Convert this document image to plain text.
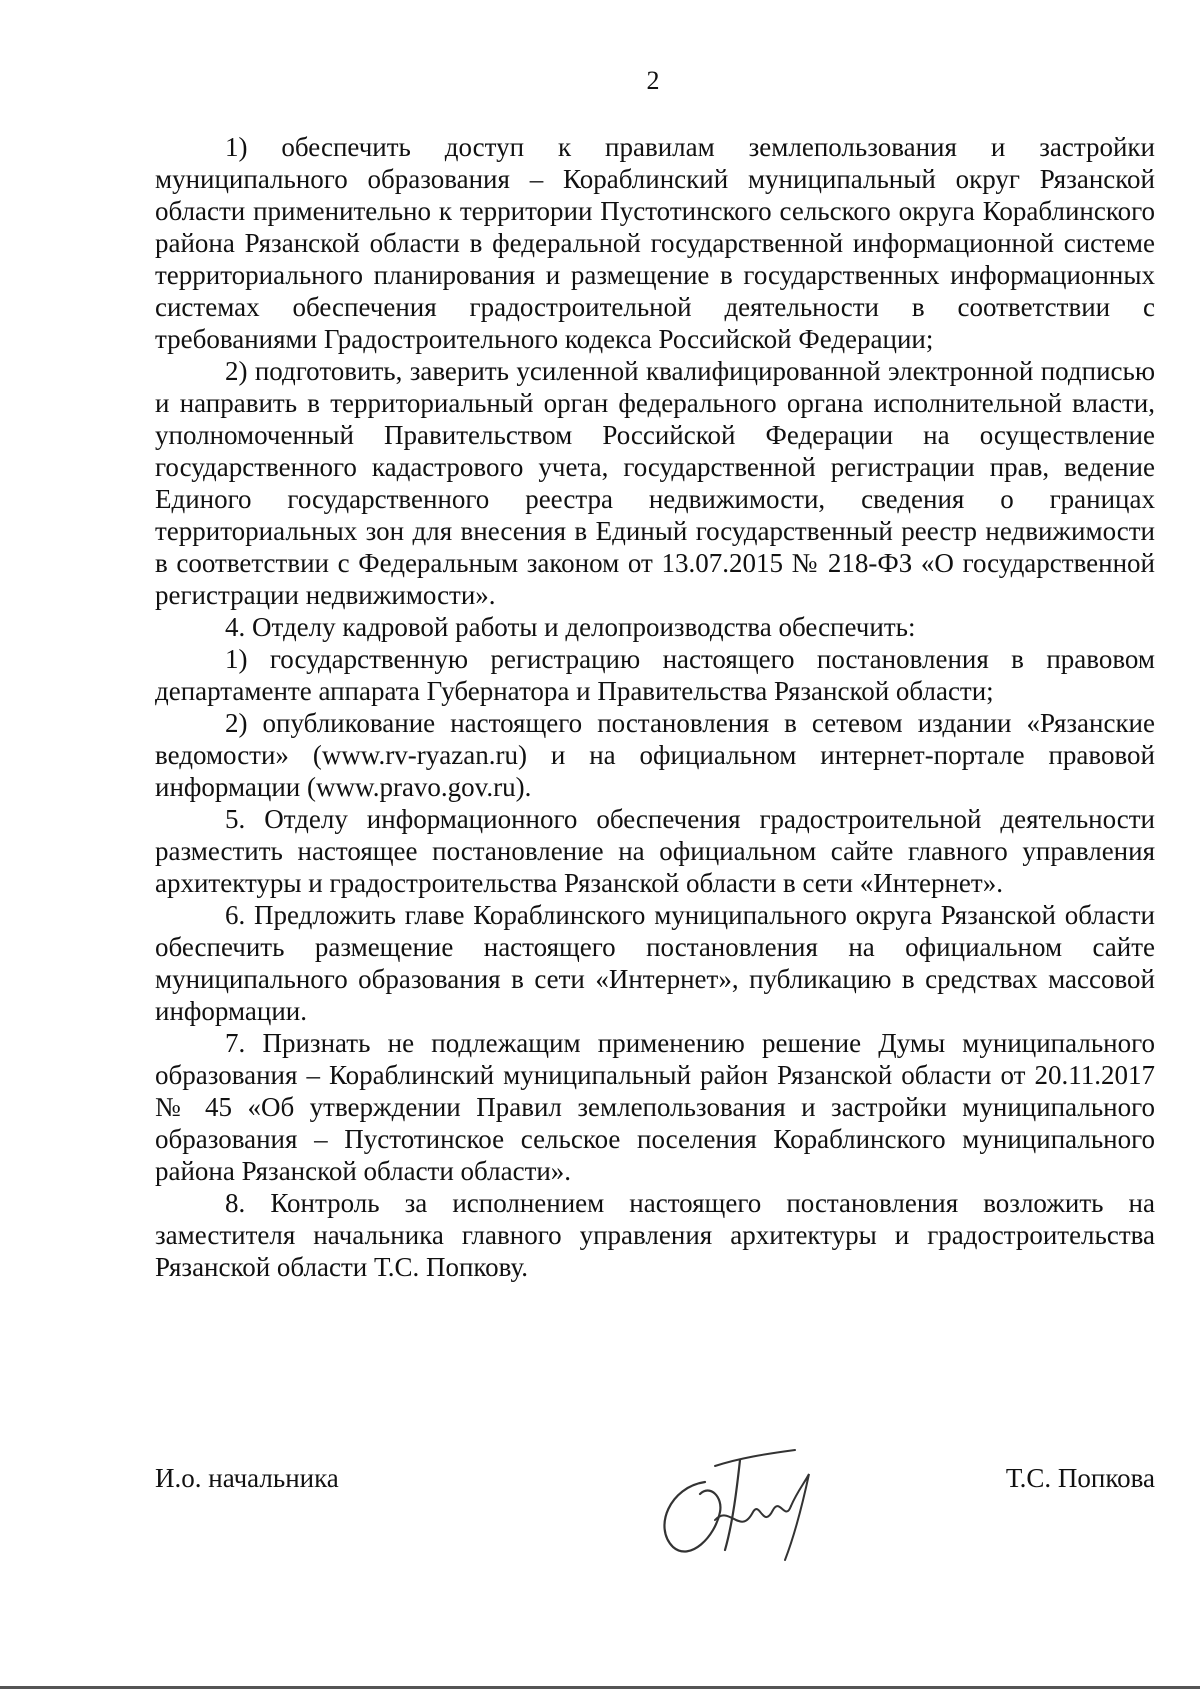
2

1) обеспечить доступ к правилам землепользования и застройки муниципального образования – Кораблинский муниципальный округ Рязанской области применительно к территории Пустотинского сельского округа Кораблинского района Рязанской области в федеральной государственной информационной системе территориального планирования и размещение в государственных информационных системах обеспечения градостроительной деятельности в соответствии с требованиями Градостроительного кодекса Российской Федерации;

2) подготовить, заверить усиленной квалифицированной электронной подписью и направить в территориальный орган федерального органа исполнительной власти, уполномоченный Правительством Российской Федерации на осуществление государственного кадастрового учета, государственной регистрации прав, ведение Единого государственного реестра недвижимости, сведения о границах территориальных зон для внесения в Единый государственный реестр недвижимости в соответствии с Федеральным законом от 13.07.2015 № 218-ФЗ «О государственной регистрации недвижимости».

4. Отделу кадровой работы и делопроизводства обеспечить:

1) государственную регистрацию настоящего постановления в правовом департаменте аппарата Губернатора и Правительства Рязанской области;

2) опубликование настоящего постановления в сетевом издании «Рязанские ведомости» (www.rv-ryazan.ru) и на официальном интернет-портале правовой информации (www.pravo.gov.ru).

5. Отделу информационного обеспечения градостроительной деятельности разместить настоящее постановление на официальном сайте главного управления архитектуры и градостроительства Рязанской области в сети «Интернет».

6. Предложить главе Кораблинского муниципального округа Рязанской области обеспечить размещение настоящего постановления на официальном сайте муниципального образования в сети «Интернет», публикацию в средствах массовой информации.

7. Признать не подлежащим применению решение Думы муниципального образования – Кораблинский муниципальный район Рязанской области от 20.11.2017 № 45 «Об утверждении Правил землепользования и застройки муниципального образования – Пустотинское сельское поселения Кораблинского муниципального района Рязанской области области».

8. Контроль за исполнением настоящего постановления возложить на заместителя начальника главного управления архитектуры и градостроительства Рязанской области Т.С. Попкову.

И.о. начальника	Т.С. Попкова
